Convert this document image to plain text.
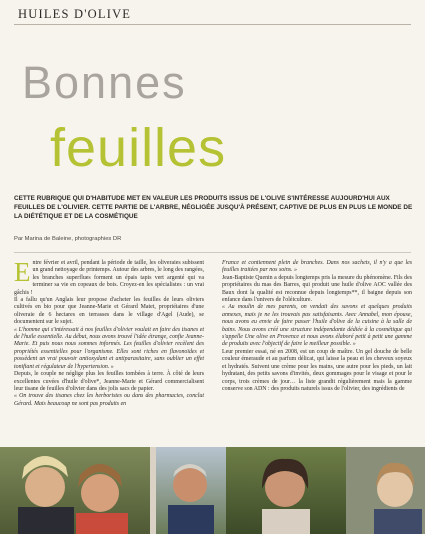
HUILES D'OLIVE
Bonnes
feuilles
CETTE RUBRIQUE QUI D'HABITUDE MET EN VALEUR LES PRODUITS ISSUS DE L'OLIVE S'INTÉRESSE AUJOURD'HUI AUX FEUILLES DE L'OLIVIER. CETTE PARTIE DE L'ARBRE, NÉGLIGÉE JUSQU'À PRÉSENT, CAPTIVE DE PLUS EN PLUS LE MONDE DE LA DIÉTÉTIQUE ET DE LA COSMÉTIQUE
Par Marina de Baleine, photographies DR

Entre février et avril, pendant la période de taille, les oliveraies subissent un grand nettoyage de printemps. Autour des arbres, le long des rangées, les branches superflues forment un épais tapis vert argenté qui va terminer sa vie en copeaux de bois. Croyez-en les spécialistes : un vrai gâchis !

Il a fallu qu'un Anglais leur propose d'acheter les feuilles de leurs oliviers cultivés en bio pour que Jeanne-Marie et Gérard Matet, propriétaires d'une oliveraie de 6 hectares en terrasses dans le village d'Agel (Aude), se documentent sur le sujet.

« L'homme qui s'intéressait à nos feuilles d'olivier voulait en faire des tisanes et de l'huile essentielle. Au début, nous avons trouvé l'idée étrange, confie Jeanne-Marie. Et puis nous nous sommes informés. Les feuilles d'olivier recèlent des propriétés essentielles pour l'organisme. Elles sont riches en flavonoïdes et possèdent un vrai pouvoir antioxydant et antiparasitaire, sans oublier un effet tonifiant et régulateur de l'hypertension. »

Depuis, le couple ne néglige plus les feuilles tombées à terre. À côté de leurs excellentes cuvées d'huile d'olive*, Jeanne-Marie et Gérard commercialisent leur tisane de feuilles d'olivier dans des jolis sacs de papier.

« On trouve des tisanes chez les herboristes ou dans des pharmacies, conclut Gérard. Mais beaucoup ne sont pas produits en

France et contiennent plein de branches. Dans nos sachets, il n'y a que les feuilles traitées par nos soins. »

Jean-Baptiste Quenin a depuis longtemps pris la mesure du phénomène. Fils des propriétaires du mas des Barres, qui produit une huile d'olive AOC vallée des Baux dont la qualité est reconnue depuis longtemps**, il baigne depuis son enfance dans l'univers de l'oléiculture.

« Au moulin de mes parents, on vendait des savons et quelques produits annexes, mais je ne les trouvais pas satisfaisants. Avec Annabel, mon épouse, nous avons eu envie de faire passer l'huile d'olive de la cuisine à la salle de bains. Nous avons créé une structure indépendante dédiée à la cosmétique qui s'appelle Une olive en Provence et nous avons élaboré petit à petit une gamme de produits avec l'objectif de faire le meilleur possible. »

Leur premier essai, né en 2008, est un coup de maître. Un gel douche de belle couleur émeraude et au parfum délicat, qui laisse la peau et les cheveux soyeux et hydratés. Suivent une crème pour les mains, une autre pour les pieds, un lait hydratant, des petits savons d'invités, deux gommages pour le visage et pour le corps, trois crèmes de jour… la liste grandit régulièrement mais la gamme conserve son ADN : des produits naturels issus de l'olivier, des ingrédients de
